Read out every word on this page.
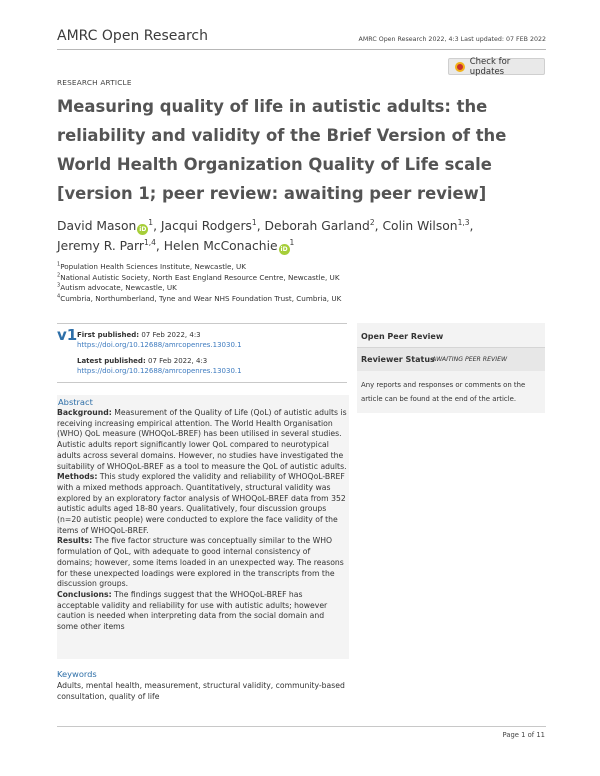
AMRC Open Research	AMRC Open Research 2022, 4:3 Last updated: 07 FEB 2022
RESEARCH ARTICLE
Check for updates
Measuring quality of life in autistic adults: the reliability and validity of the Brief Version of the World Health Organization Quality of Life scale [version 1; peer review: awaiting peer review]
David Mason $iD^1$, Jacqui Rodgers$^1$, Deborah Garland$^2$, Colin Wilson$^{1,3}$,
Jeremy R. Parr$^{1,4}$, Helen McConachie $iD^1$
$^1$Population Health Sciences Institute, Newcastle, UK
$^2$National Autistic Society, North East England Resource Centre, Newcastle, UK
$^3$Autism advocate, Newcastle, UK
$^4$Cumbria, Northumberland, Tyne and Wear NHS Foundation Trust, Cumbria, UK
v1 First published: 07 Feb 2022, 4:3
https://doi.org/10.12688/amrcopenres.13030.1
Latest published: 07 Feb 2022, 4:3
https://doi.org/10.12688/amrcopenres.13030.1
Open Peer Review
Reviewer Status
AWAITING PEER REVIEW
Any reports and responses or comments on the article can be found at the end of the article.
Abstract

Background: Measurement of the Quality of Life (QoL) of autistic adults is receiving increasing empirical attention. The World Health Organisation (WHO) QoL measure (WHOQoL-BREF) has been utilised in several studies. Autistic adults report significantly lower QoL compared to neurotypical adults across several domains. However, no studies have investigated the suitability of WHOQoL-BREF as a tool to measure the QoL of autistic adults.

Methods: This study explored the validity and reliability of WHOQoL-BREF with a mixed methods approach. Quantitatively, structural validity was explored by an exploratory factor analysis of WHOQoL-BREF data from 352 autistic adults aged 18-80 years. Qualitatively, four discussion groups (n=20 autistic people) were conducted to explore the face validity of the items of WHOQoL-BREF.

Results: The five factor structure was conceptually similar to the WHO formulation of QoL, with adequate to good internal consistency of domains; however, some items loaded in an unexpected way. The reasons for these unexpected loadings were explored in the transcripts from the discussion groups.

Conclusions: The findings suggest that the WHOQoL-BREF has acceptable validity and reliability for use with autistic adults; however caution is needed when interpreting data from the social domain and some other items

Keywords
Adults, mental health, measurement, structural validity, community-based consultation, quality of life
Page 1 of 11
